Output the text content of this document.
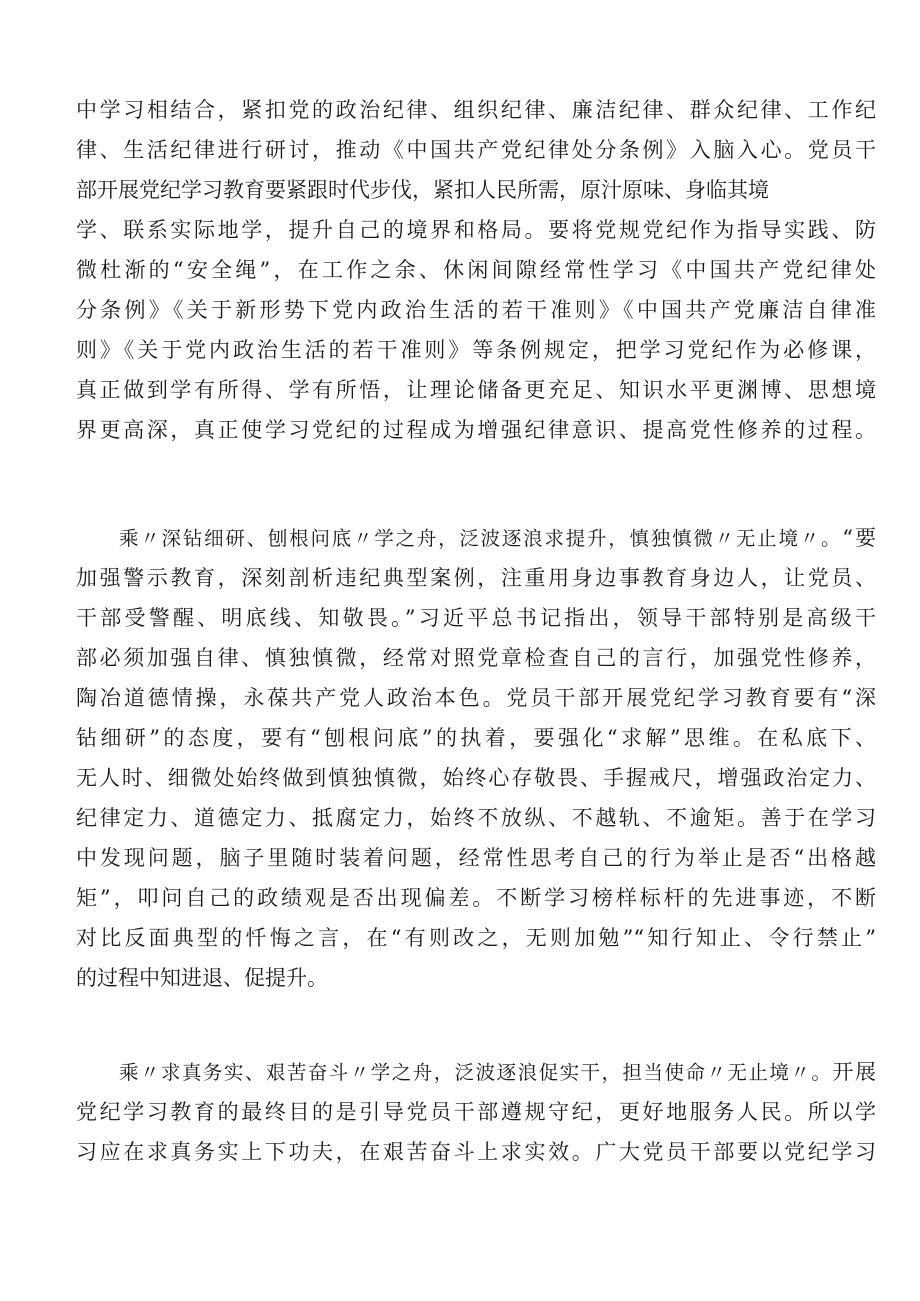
中学习相结合，紧扣党的政治纪律、组织纪律、廉洁纪律、群众纪律、工作纪
律、生活纪律进行研讨，推动《中国共产党纪律处分条例》入脑入心。党员干
部开展党纪学习教育要紧跟时代步伐，紧扣人民所需，原汁原味、身临其境
学、联系实际地学，提升自己的境界和格局。要将党规党纪作为指导实践、防
微杜渐的“安全绳”，在工作之余、休闲间隙经常性学习《中国共产党纪律处
分条例》《关于新形势下党内政治生活的若干准则》《中国共产党廉洁自律准
则》《关于党内政治生活的若干准则》等条例规定，把学习党纪作为必修课，
真正做到学有所得、学有所悟，让理论储备更充足、知识水平更渊博、思想境
界更高深，真正使学习党纪的过程成为增强纪律意识、提高党性修养的过程。
乘〃深钻细研、刨根问底〃学之舟，泛波逐浪求提升，慎独慎微〃无止境〃。“要
加强警示教育，深刻剖析违纪典型案例，注重用身边事教育身边人，让党员、
干部受警醒、明底线、知敬畏。”习近平总书记指出，领导干部特别是高级干
部必须加强自律、慎独慎微，经常对照党章检查自己的言行，加强党性修养，
陶冶道德情操，永葆共产党人政治本色。党员干部开展党纪学习教育要有“深
钻细研”的态度，要有“刨根问底”的执着，要强化“求解”思维。在私底下、
无人时、细微处始终做到慎独慎微，始终心存敬畏、手握戒尺，增强政治定力、
纪律定力、道德定力、抵腐定力，始终不放纵、不越轨、不逾矩。善于在学习
中发现问题，脑子里随时装着问题，经常性思考自己的行为举止是否“出格越
矩”，叩问自己的政绩观是否出现偏差。不断学习榜样标杆的先进事迹，不断
对比反面典型的忏悔之言，在“有则改之，无则加勉”“知行知止、令行禁止”
的过程中知进退、促提升。
乘〃求真务实、艰苦奋斗〃学之舟，泛波逐浪促实干，担当使命〃无止境〃。开展
党纪学习教育的最终目的是引导党员干部遵规守纪，更好地服务人民。所以学
习应在求真务实上下功夫，在艰苦奋斗上求实效。广大党员干部要以党纪学习
